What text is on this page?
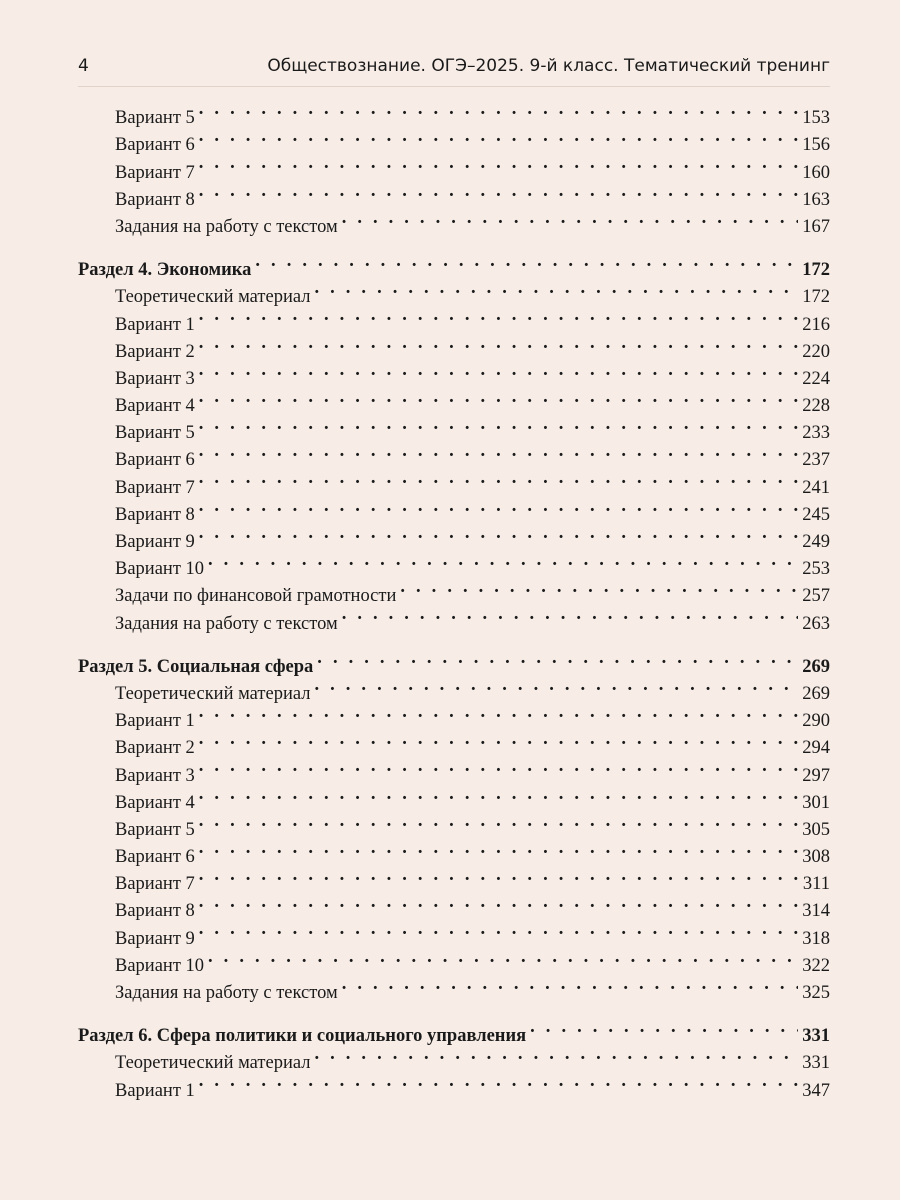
4	Обществознание. ОГЭ–2025. 9-й класс. Тематический тренинг
Вариант 5 . . .	153
Вариант 6 . . .	156
Вариант 7 . . .	160
Вариант 8 . . .	163
Задания на работу с текстом . . .	167
Раздел 4. Экономика . . .	172
Теоретический материал . . .	172
Вариант 1 . . .	216
Вариант 2 . . .	220
Вариант 3 . . .	224
Вариант 4 . . .	228
Вариант 5 . . .	233
Вариант 6 . . .	237
Вариант 7 . . .	241
Вариант 8 . . .	245
Вариант 9 . . .	249
Вариант 10 . . .	253
Задачи по финансовой грамотности . . .	257
Задания на работу с текстом . . .	263
Раздел 5. Социальная сфера . . .	269
Теоретический материал . . .	269
Вариант 1 . . .	290
Вариант 2 . . .	294
Вариант 3 . . .	297
Вариант 4 . . .	301
Вариант 5 . . .	305
Вариант 6 . . .	308
Вариант 7 . . .	311
Вариант 8 . . .	314
Вариант 9 . . .	318
Вариант 10 . . .	322
Задания на работу с текстом . . .	325
Раздел 6. Сфера политики и социального управления . . .	331
Теоретический материал . . .	331
Вариант 1 . . .	347
